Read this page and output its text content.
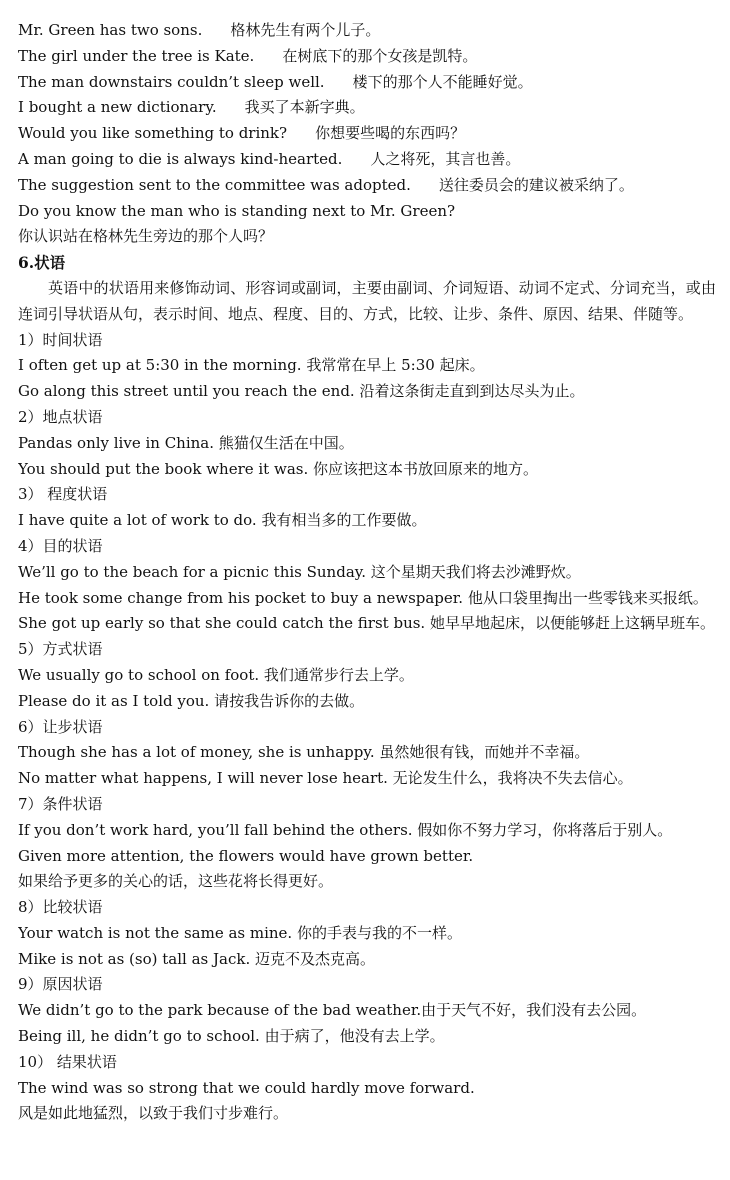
Mr. Green has two sons. 格林先生有两个儿子。
The girl under the tree is Kate. 在树底下的那个女孩是凯特。
The man downstairs couldn’t sleep well. 楼下的那个人不能睡好觉。
I bought a new dictionary. 我买了本新字典。
Would you like something to drink? 你想要些喝的东西吗？
A man going to die is always kind-hearted. 人之将死，其言也善。
The suggestion sent to the committee was adopted. 送往委员会的建议被采纳了。
Do you know the man who is standing next to Mr. Green?
你认识站在格林先生旁边的那个人吗？
6.状语

英语中的状语用来修饰动词、形容词或副词，主要由副词、介词短语、动词不定式、分词充当，或由连词引导状语从句，表示时间、地点、程度、目的、方式，比较、让步、条件、原因、结果、伴随等。

1）时间状语
I often get up at 5:30 in the morning. 我常常在早上 5:30 起床。
Go along this street until you reach the end. 沿着这条街走直到到达尽头为止。
2）地点状语
Pandas only live in China. 熊猫仅生活在中国。
You should put the book where it was. 你应该把这本书放回原来的地方。
3） 程度状语
I have quite a lot of work to do. 我有相当多的工作要做。
4）目的状语
We’ll go to the beach for a picnic this Sunday. 这个星期天我们将去沙滩野炊。
He took some change from his pocket to buy a newspaper. 他从口袋里掏出一些零钱来买报纸。
She got up early so that she could catch the first bus. 她早早地起床，以便能够赶上这辆早班车。
5）方式状语
We usually go to school on foot. 我们通常步行去上学。
Please do it as I told you. 请按我告诉你的去做。
6）让步状语
Though she has a lot of money, she is unhappy. 虽然她很有钱，而她并不幸福。
No matter what happens, I will never lose heart. 无论发生什么，我将决不失去信心。
7）条件状语
If you don’t work hard, you’ll fall behind the others. 假如你不努力学习，你将落后于别人。
Given more attention, the flowers would have grown better.
如果给予更多的关心的话，这些花将长得更好。
8）比较状语
Your watch is not the same as mine. 你的手表与我的不一样。
Mike is not as (so) tall as Jack. 迈克不及杰克高。
9）原因状语
We didn’t go to the park because of the bad weather.由于天气不好，我们没有去公园。
Being ill, he didn’t go to school. 由于病了，他没有去上学。
10） 结果状语
The wind was so strong that we could hardly move forward.
风是如此地猛烈，以致于我们寸步难行。
